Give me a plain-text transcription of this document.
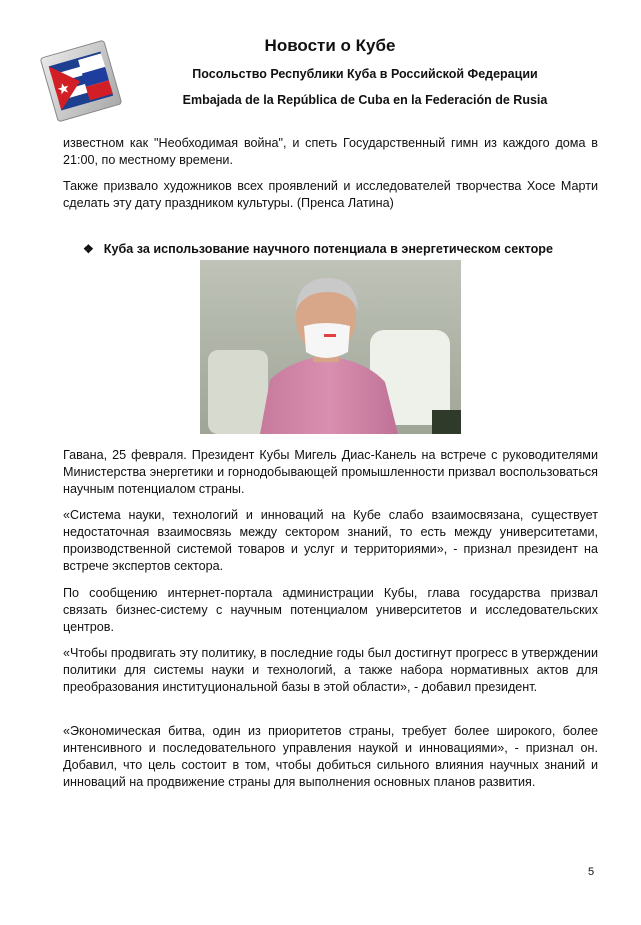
Новости о Кубе
Посольство Республики Куба в Российской Федерации
Embajada de la República de Cuba en la Federación de Rusia

известном как "Необходимая война", и спеть Государственный гимн из каждого дома в 21:00, по местному времени.

Также призвало художников всех проявлений и исследователей творчества Хосе Марти сделать эту дату праздником культуры. (Пренса Латина)

❖ Куба за использование научного потенциала в энергетическом секторе

Гавана, 25 февраля. Президент Кубы Мигель Диас-Канель на встрече с руководителями Министерства энергетики и горнодобывающей промышленности призвал воспользоваться научным потенциалом страны.

«Система науки, технологий и инноваций на Кубе слабо взаимосвязана, существует недостаточная взаимосвязь между сектором знаний, то есть между университетами, производственной системой товаров и услуг и территориями», - признал президент на встрече экспертов сектора.

По сообщению интернет-портала администрации Кубы, глава государства призвал связать бизнес-систему с научным потенциалом университетов и исследовательских центров.

«Чтобы продвигать эту политику, в последние годы был достигнут прогресс в утверждении политики для системы науки и технологий, а также набора нормативных актов для преобразования институциональной базы в этой области», - добавил президент.

«Экономическая битва, один из приоритетов страны, требует более широкого, более интенсивного и последовательного управления наукой и инновациями», - признал он. Добавил, что цель состоит в том, чтобы добиться сильного влияния научных знаний и инноваций на продвижение страны для выполнения основных планов развития.

5
